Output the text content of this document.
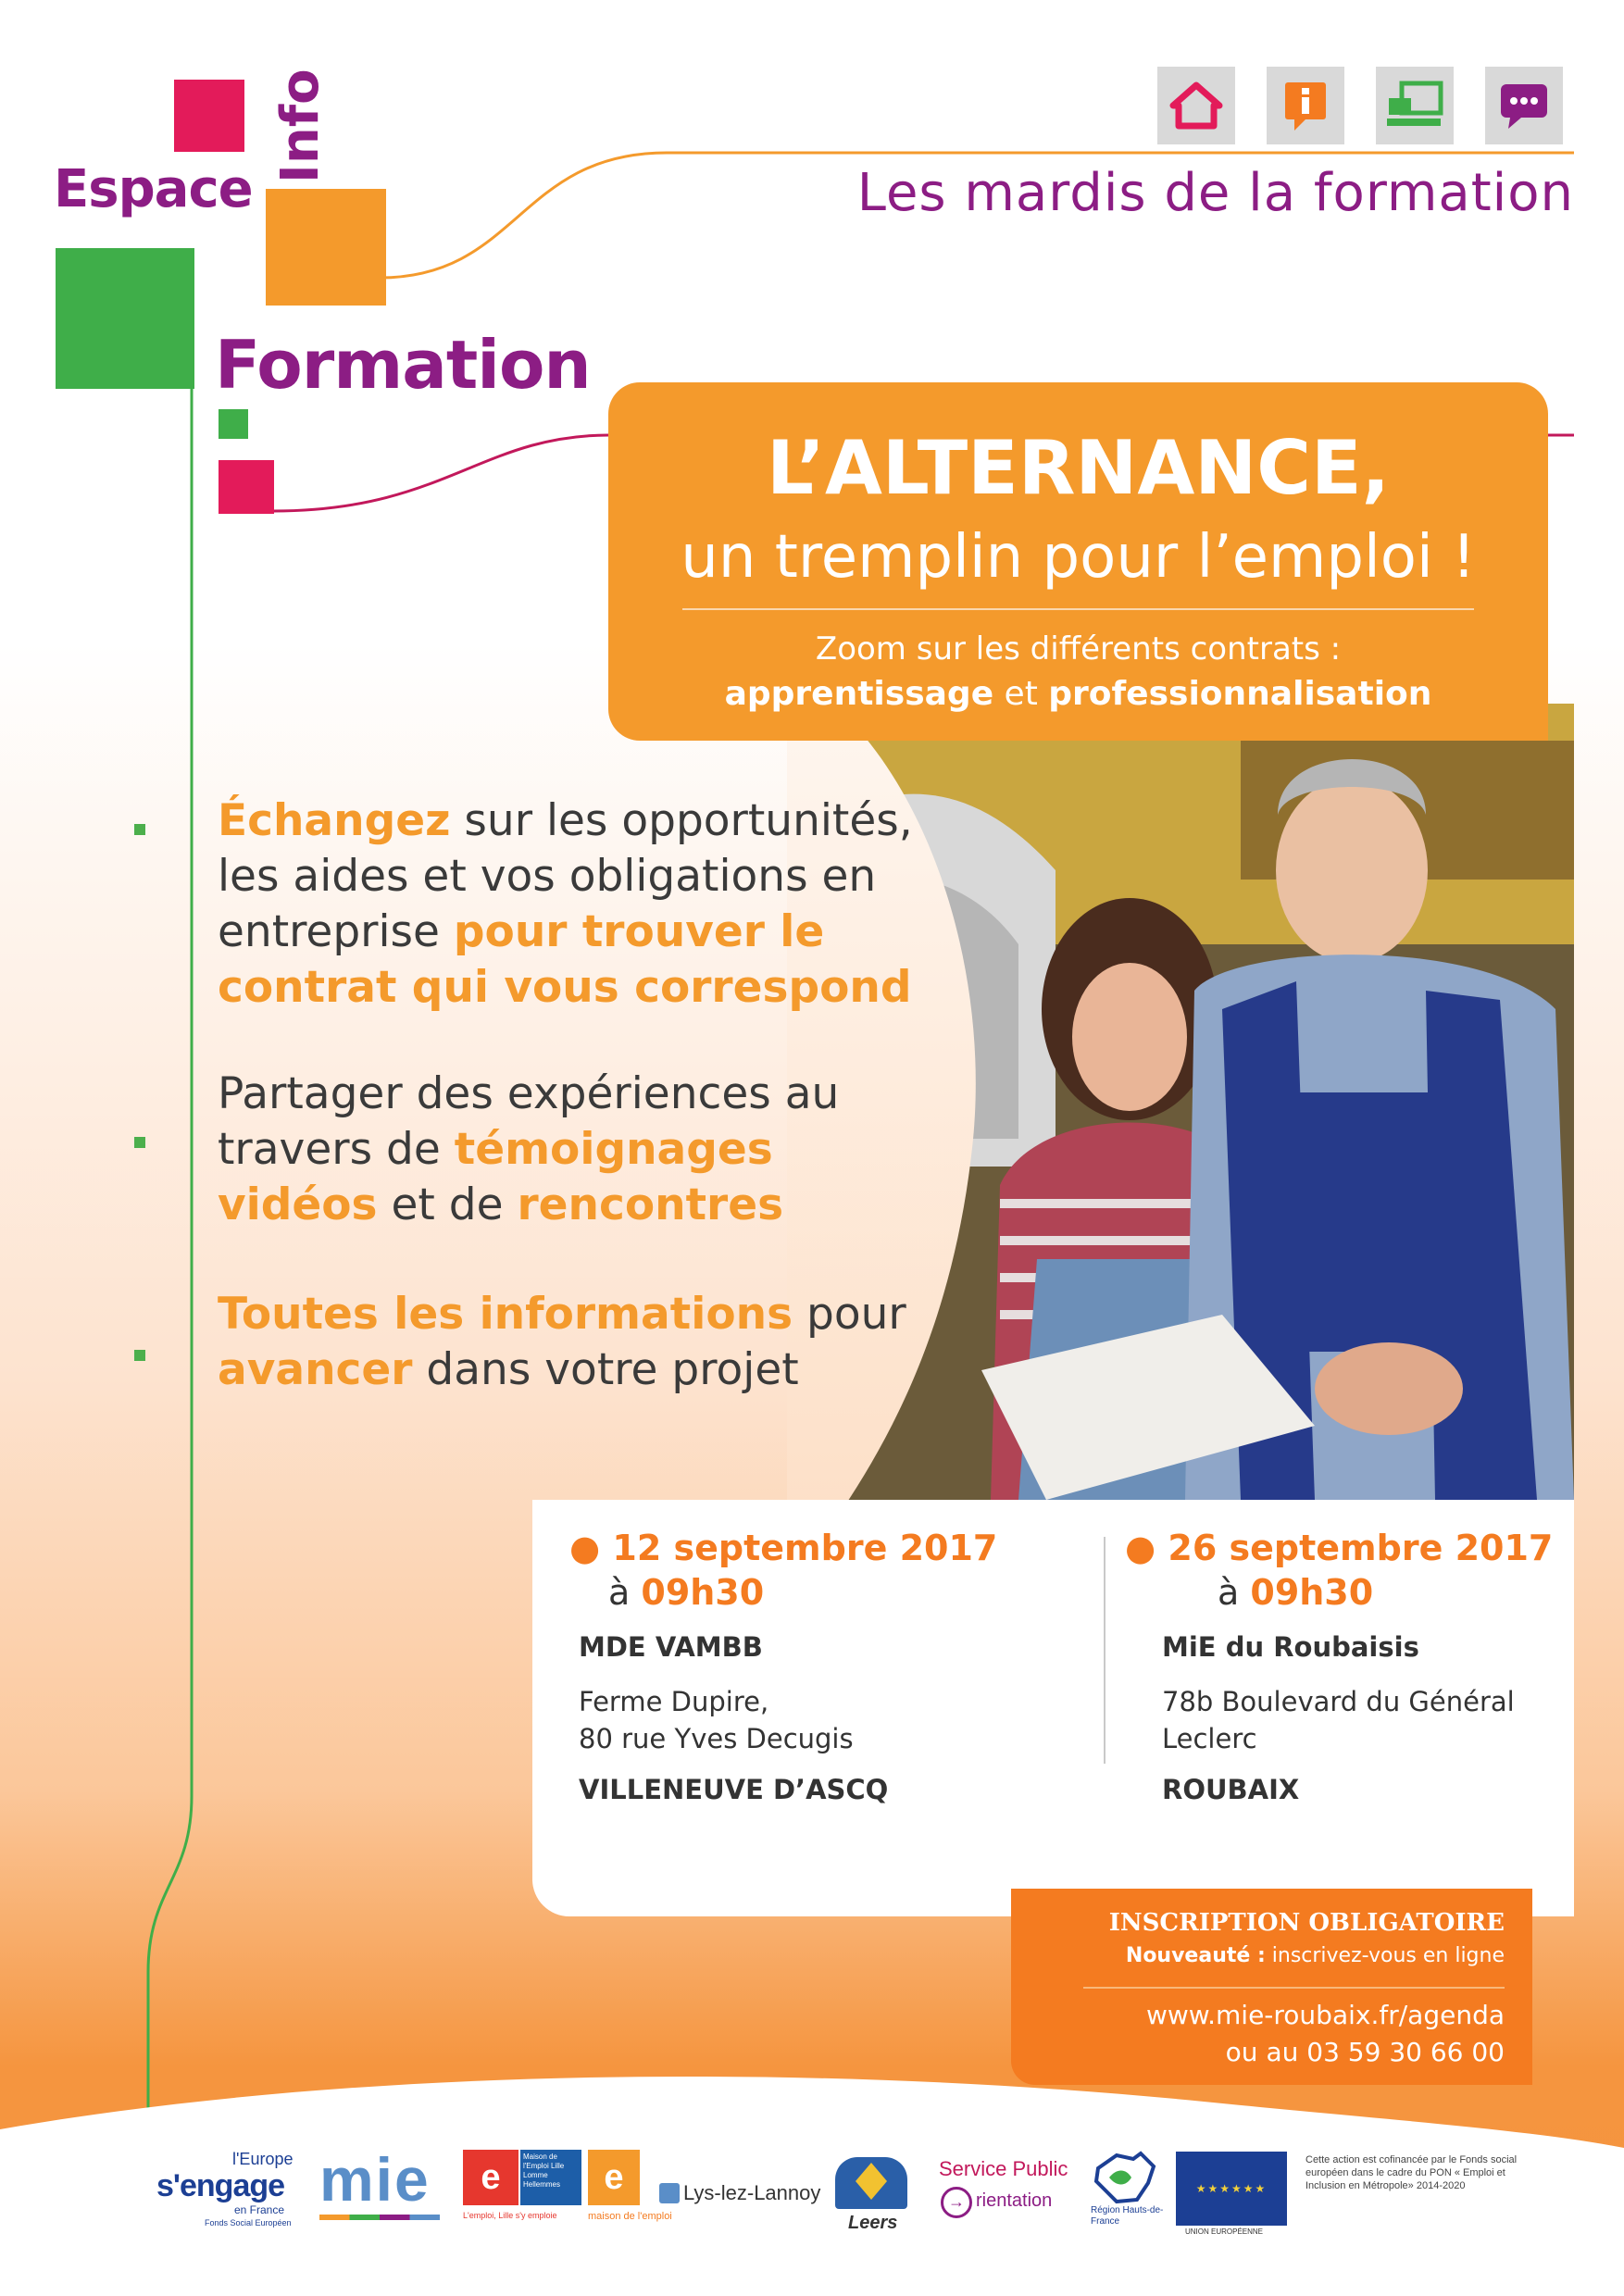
Espace
Info
Formation
Les mardis de la formation
L’ALTERNANCE,
un tremplin pour l’emploi !
Zoom sur les différents contrats :
apprentissage et professionnalisation
Échangez sur les opportunités, les aides et vos obligations en entreprise pour trouver le contrat qui vous correspond
Partager des expériences au travers de témoignages vidéos et de rencontres
Toutes les informations pour avancer dans votre projet
● 12 septembre 2017
à 09h30
MDE VAMBB
Ferme Dupire,
80 rue Yves Decugis
VILLENEUVE D’ASCQ
● 26 septembre 2017
à 09h30
MiE du Roubaisis
78b Boulevard du Général
Leclerc
ROUBAIX
INSCRIPTION OBLIGATOIRE
Nouveauté : inscrivez-vous en ligne
www.mie-roubaix.fr/agenda
ou au 03 59 30 66 00
l'Europe
s'engage
en France
Fonds Social Européen
mie	e
Maison de l'Emploi Lille Lomme Hellemmes
L'emploi, Lille s'y emploie
e
maison de l'emploi
Lys-lez-Lannoy
Leers
Service Public
→ rientation	Région Hauts-de-France
★★★★★★
UNION EUROPÉENNE
Cette action est cofinancée par le Fonds social européen dans le cadre du PON « Emploi et Inclusion en Métropole» 2014-2020
